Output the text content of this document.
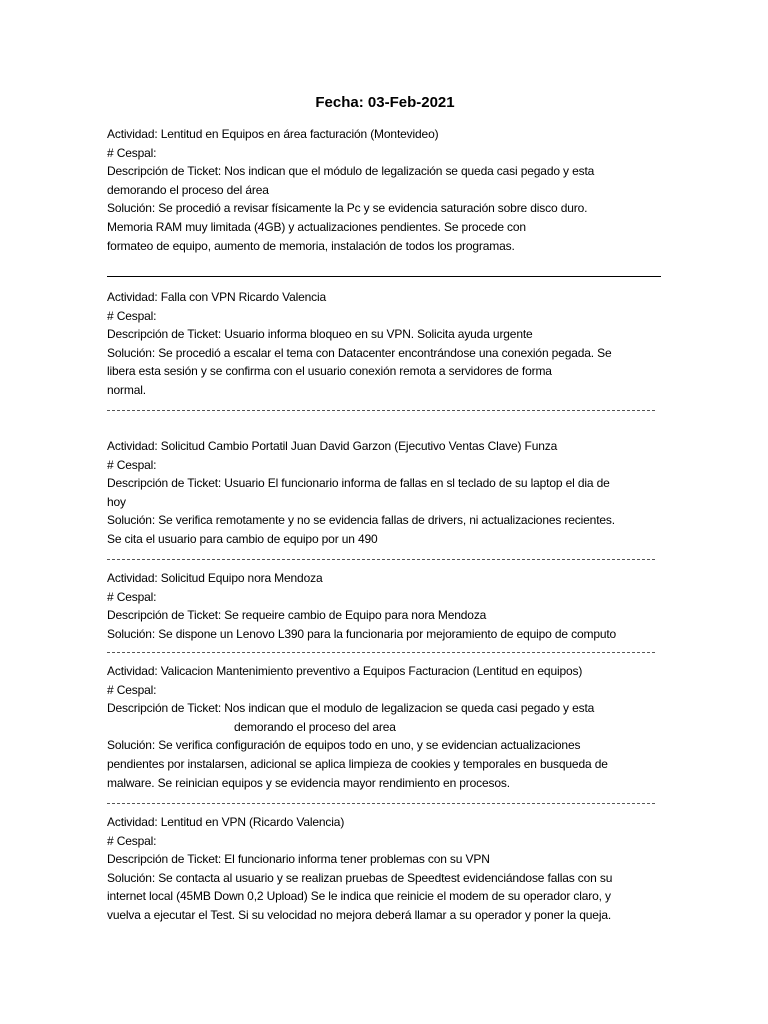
Fecha: 03-Feb-2021
Actividad: Lentitud en Equipos en área facturación (Montevideo)
# Cespal:
Descripción de Ticket: Nos indican que el módulo de legalización se queda casi pegado y esta
demorando el proceso del área
Solución: Se procedió a revisar físicamente la Pc y se evidencia saturación sobre disco duro.
Memoria RAM muy limitada (4GB) y actualizaciones pendientes. Se procede con
formateo de equipo, aumento de memoria, instalación de todos los programas.
Actividad: Falla con VPN Ricardo Valencia
# Cespal:
Descripción de Ticket: Usuario informa bloqueo en su VPN. Solicita ayuda urgente
Solución: Se procedió a escalar el tema con Datacenter encontrándose una conexión pegada. Se
libera esta sesión y se confirma con el usuario conexión remota a servidores de forma
normal.
Actividad: Solicitud Cambio Portatil Juan David Garzon (Ejecutivo Ventas Clave) Funza
# Cespal:
Descripción de Ticket: Usuario El funcionario informa de fallas en sl teclado de su laptop el dia de
hoy
Solución: Se verifica remotamente y no se evidencia fallas de drivers, ni actualizaciones recientes.
Se cita el usuario para cambio de equipo por un 490
Actividad: Solicitud Equipo nora Mendoza
# Cespal:
Descripción de Ticket: Se requeire cambio de Equipo para nora Mendoza
Solución: Se dispone un Lenovo L390 para la funcionaria por mejoramiento de equipo de computo
Actividad: Valicacion Mantenimiento preventivo a Equipos Facturacion (Lentitud en equipos)
# Cespal:
Descripción de Ticket: Nos indican que el modulo de legalizacion se queda casi pegado y esta
demorando el proceso del area
Solución: Se verifica configuración de equipos todo en uno, y se evidencian actualizaciones
pendientes por instalarsen, adicional se aplica limpieza de cookies y temporales en busqueda de
malware. Se reinician equipos y se evidencia mayor rendimiento en procesos.
Actividad: Lentitud en VPN (Ricardo Valencia)
# Cespal:
Descripción de Ticket: El funcionario informa tener problemas con su VPN
Solución: Se contacta al usuario y se realizan pruebas de Speedtest evidenciándose fallas con su
internet local (45MB Down 0,2 Upload) Se le indica que reinicie el modem de su operador claro, y
vuelva a ejecutar el Test. Si su velocidad no mejora deberá llamar a su operador y poner la queja.
